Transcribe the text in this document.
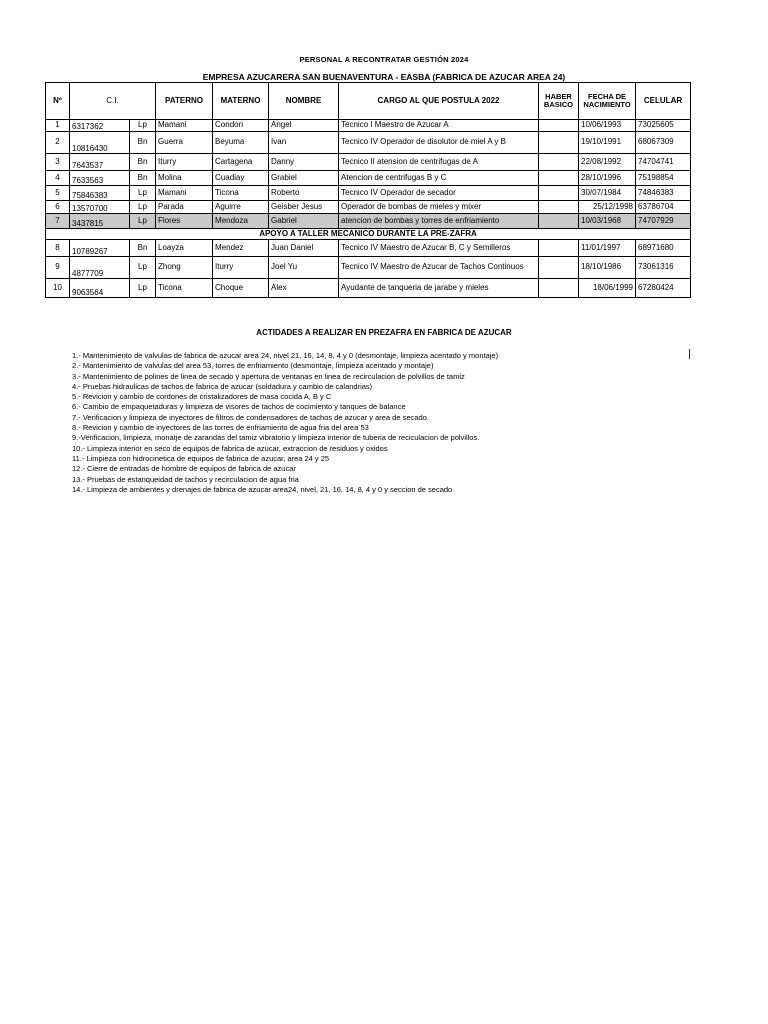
PERSONAL A RECONTRATAR GESTIÓN 2024
EMPRESA AZUCARERA SAN BUENAVENTURA - EASBA (FABRICA DE AZUCAR AREA 24)
Nº	C.I.		PATERNO	MATERNO	NOMBRE	CARGO AL QUE POSTULA 2022	HABER BASICO	FECHA DE NACIMIENTO	CELULAR
1	6317362	Lp	Mamani	Condori	Angel	Tecnico I Maestro de Azucar A		10/06/1993	73025605
2	10816430	Bn	Guerra	Beyuma	Ivan	Tecnico IV Operador de disolutor de miel A y B		19/10/1991	68067309
3	7643537	Bn	Iturry	Cartagena	Danny	Tecnico II atension de centrifugas de A		22/08/1992	74704741
4	7633563	Bn	Molina	Cuadiay	Grabiel	Atencion de centrifugas B y C		28/10/1996	75198854
5	75846383	Lp	Mamani	Ticona	Roberto	Tecnico IV Operador de secador		30/07/1984	74846383
6	13570700	Lp	Parada	Aguirre	Geisber Jesus	Operador de bombas de mieles y mixer		25/12/1998	63786704
7	3437815	Lp	Flores	Mendoza	Gabriel	atencion de bombas y torres de enfriamiento		10/03/1968	74707929
APOYO A TALLER MECANICO DURANTE LA PRE-ZAFRA									
8	10789267	Bn	Loayza	Mendez	Juan Daniel	Tecnico IV Maestro de Azucar B, C y Semilleros		11/01/1997	68971680
9	4877709	Lp	Zhong	Iturry	Joel Yu	Tecnico IV Maestro de Azucar de Tachos Continuos		18/10/1986	73061316
10	9063564	Lp	Ticona	Choque	Alex	Ayudante de tanqueria de jarabe y mieles		18/06/1999	67280424
ACTIDADES A REALIZAR EN PREZAFRA EN FABRICA DE AZUCAR
1.- Mantenimiento de valvulas de fabrica de azucar area 24, nivel 21, 16, 14, 8, 4 y 0 (desmontaje, limpieza acentado y montaje)
2.- Mantenimiento de valvulas del area 53, torres de enfriamiento (desmontaje, limpieza acentado y montaje)
3.- Mantenimiento de polines de linea de secado y apertura de ventanas en linea de recirculacion de polvillos de tamiz
4.- Pruebas hidraulicas de tachos de fabrica de azucar (soldadura y cambio de calandrias)
5.- Revicion y cambio de cordones de cristalizadores de masa cocida A, B y C
6.- Cambio de empaquetaduras y limpieza de visores de tachos de cocimiento y tanques de balance
7.- Verificacion y limpieza de inyectores de filtros de condensadores de tachos de azucar y area de secado.
8.- Revicion y cambio de inyectores de las torres de enfriamiento de agua fria del area 53
9.-Verificacion, limpieza, monatje de zarandas del tamiz vibratorio y limpieza interior de tuberia de reciculacion de polvillos.
10.- Limpieza interior en seco de equipos de fabrica de azucar, extraccion de residuos y oxidos
11.- Limpieza con hidrocinetica de equipos de fabrica de azucar, area 24 y 25
12.- Cierre de entradas de hombre de equipos de fabrica de azucar
13.- Pruebas de estanqueidad de tachos y recirculacion de agua fria
14.- Limpieza de ambientes y drenajes de fabrica de azucar area24, nivel, 21, 16, 14, 8, 4 y 0 y seccion de secado
